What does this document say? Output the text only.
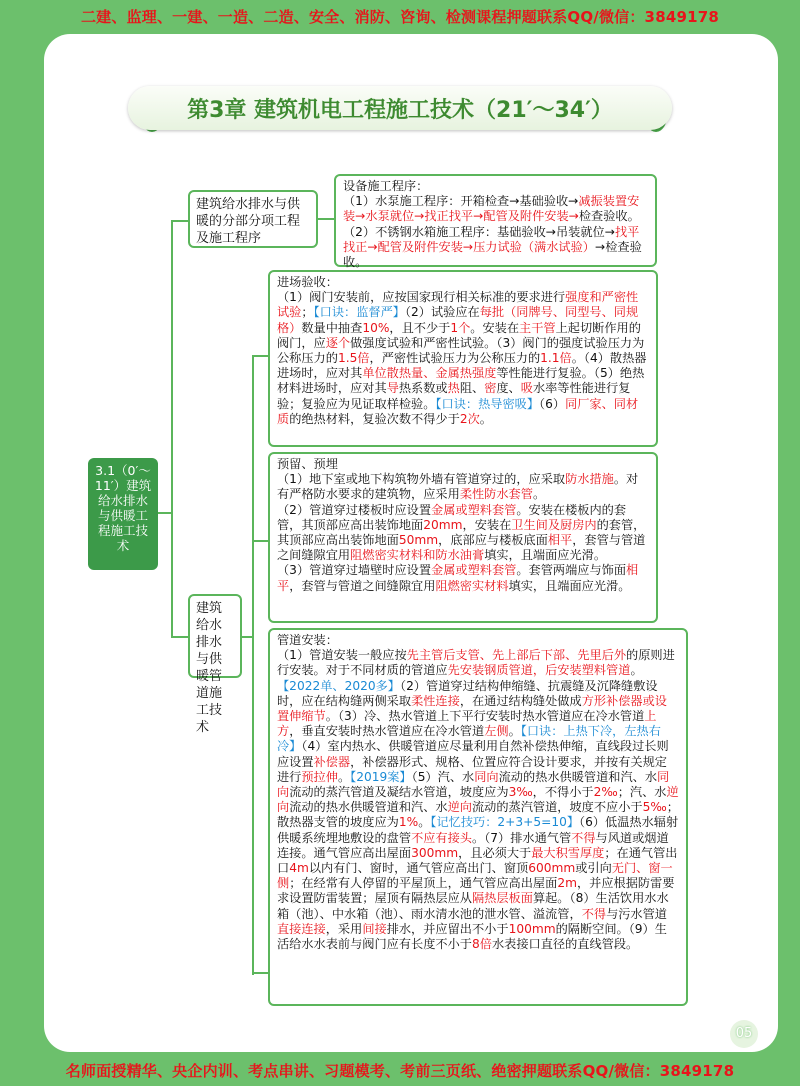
二建、监理、一建、一造、二造、安全、消防、咨询、检测课程押题联系QQ/微信：3849178
第3章 建筑机电工程施工技术（21′～34′）
3.1（0′～11′）建筑给水排水与供暖工程施工技术
建筑给水排水与供暖的分部分项工程及施工程序
建筑给水排水与供暖管道施工技术

设备施工程序：

（1）水泵施工程序：开箱检查→基础验收→减振装置安装→水泵就位→找正找平→配管及附件安装→检查验收。（2）不锈钢水箱施工程序：基础验收→吊装就位→找平找正→配管及附件安装→压力试验（满水试验）→检查验收。

进场验收：

（1）阀门安装前，应按国家现行相关标准的要求进行强度和严密性试验；【口诀：监督严】（2）试验应在每批（同牌号、同型号、同规格）数量中抽查10%，且不少于1个。安装在主干管上起切断作用的阀门，应逐个做强度试验和严密性试验。（3）阀门的强度试验压力为公称压力的1.5倍，严密性试验压力为公称压力的1.1倍。（4）散热器进场时，应对其单位散热量、金属热强度等性能进行复验。（5）绝热材料进场时，应对其导热系数或热阻、密度、吸水率等性能进行复验；复验应为见证取样检验。【口诀：热导密吸】（6）同厂家、同材质的绝热材料，复验次数不得少于2次。

预留、预埋

（1）地下室或地下构筑物外墙有管道穿过的，应采取防水措施。对有严格防水要求的建筑物，应采用柔性防水套管。

（2）管道穿过楼板时应设置金属或塑料套管。安装在楼板内的套管，其顶部应高出装饰地面20mm，安装在卫生间及厨房内的套管，其顶部应高出装饰地面50mm，底部应与楼板底面相平，套管与管道之间缝隙宜用阻燃密实材料和防水油膏填实，且端面应光滑。

（3）管道穿过墙壁时应设置金属或塑料套管。套管两端应与饰面相平，套管与管道之间缝隙宜用阻燃密实材料填实，且端面应光滑。

管道安装：

（1）管道安装一般应按先主管后支管、先上部后下部、先里后外的原则进行安装。对于不同材质的管道应先安装钢质管道，后安装塑料管道。【2022单、2020多】（2）管道穿过结构伸缩缝、抗震缝及沉降缝敷设时，应在结构缝两侧采取柔性连接，在通过结构缝处做成方形补偿器或设置伸缩节。（3）冷、热水管道上下平行安装时热水管道应在冷水管道上方，垂直安装时热水管道应在冷水管道左侧。【口诀：上热下冷，左热右冷】（4）室内热水、供暖管道应尽量利用自然补偿热伸缩，直线段过长则应设置补偿器，补偿器形式、规格、位置应符合设计要求，并按有关规定进行预拉伸。【2019案】（5）汽、水同向流动的热水供暖管道和汽、水同向流动的蒸汽管道及凝结水管道，坡度应为3‰，不得小于2‰；汽、水逆向流动的热水供暖管道和汽、水逆向流动的蒸汽管道，坡度不应小于5‰；散热器支管的坡度应为1%。【记忆技巧：2+3+5=10】（6）低温热水辐射供暖系统埋地敷设的盘管不应有接头。（7）排水通气管不得与风道或烟道连接。通气管应高出屋面300mm，且必须大于最大积雪厚度；在通气管出口4m以内有门、窗时，通气管应高出门、窗顶600mm或引向无门、窗一侧；在经常有人停留的平屋顶上，通气管应高出屋面2m，并应根据防雷要求设置防雷装置；屋顶有隔热层应从隔热层板面算起。（8）生活饮用水水箱（池）、中水箱（池）、雨水清水池的泄水管、溢流管，不得与污水管道直接连接，采用间接排水，并应留出不小于100mm的隔断空间。（9）生活给水水表前与阀门应有长度不小于8倍水表接口直径的直线管段。

05
名师面授精华、央企内训、考点串讲、习题模考、考前三页纸、绝密押题联系QQ/微信：3849178
